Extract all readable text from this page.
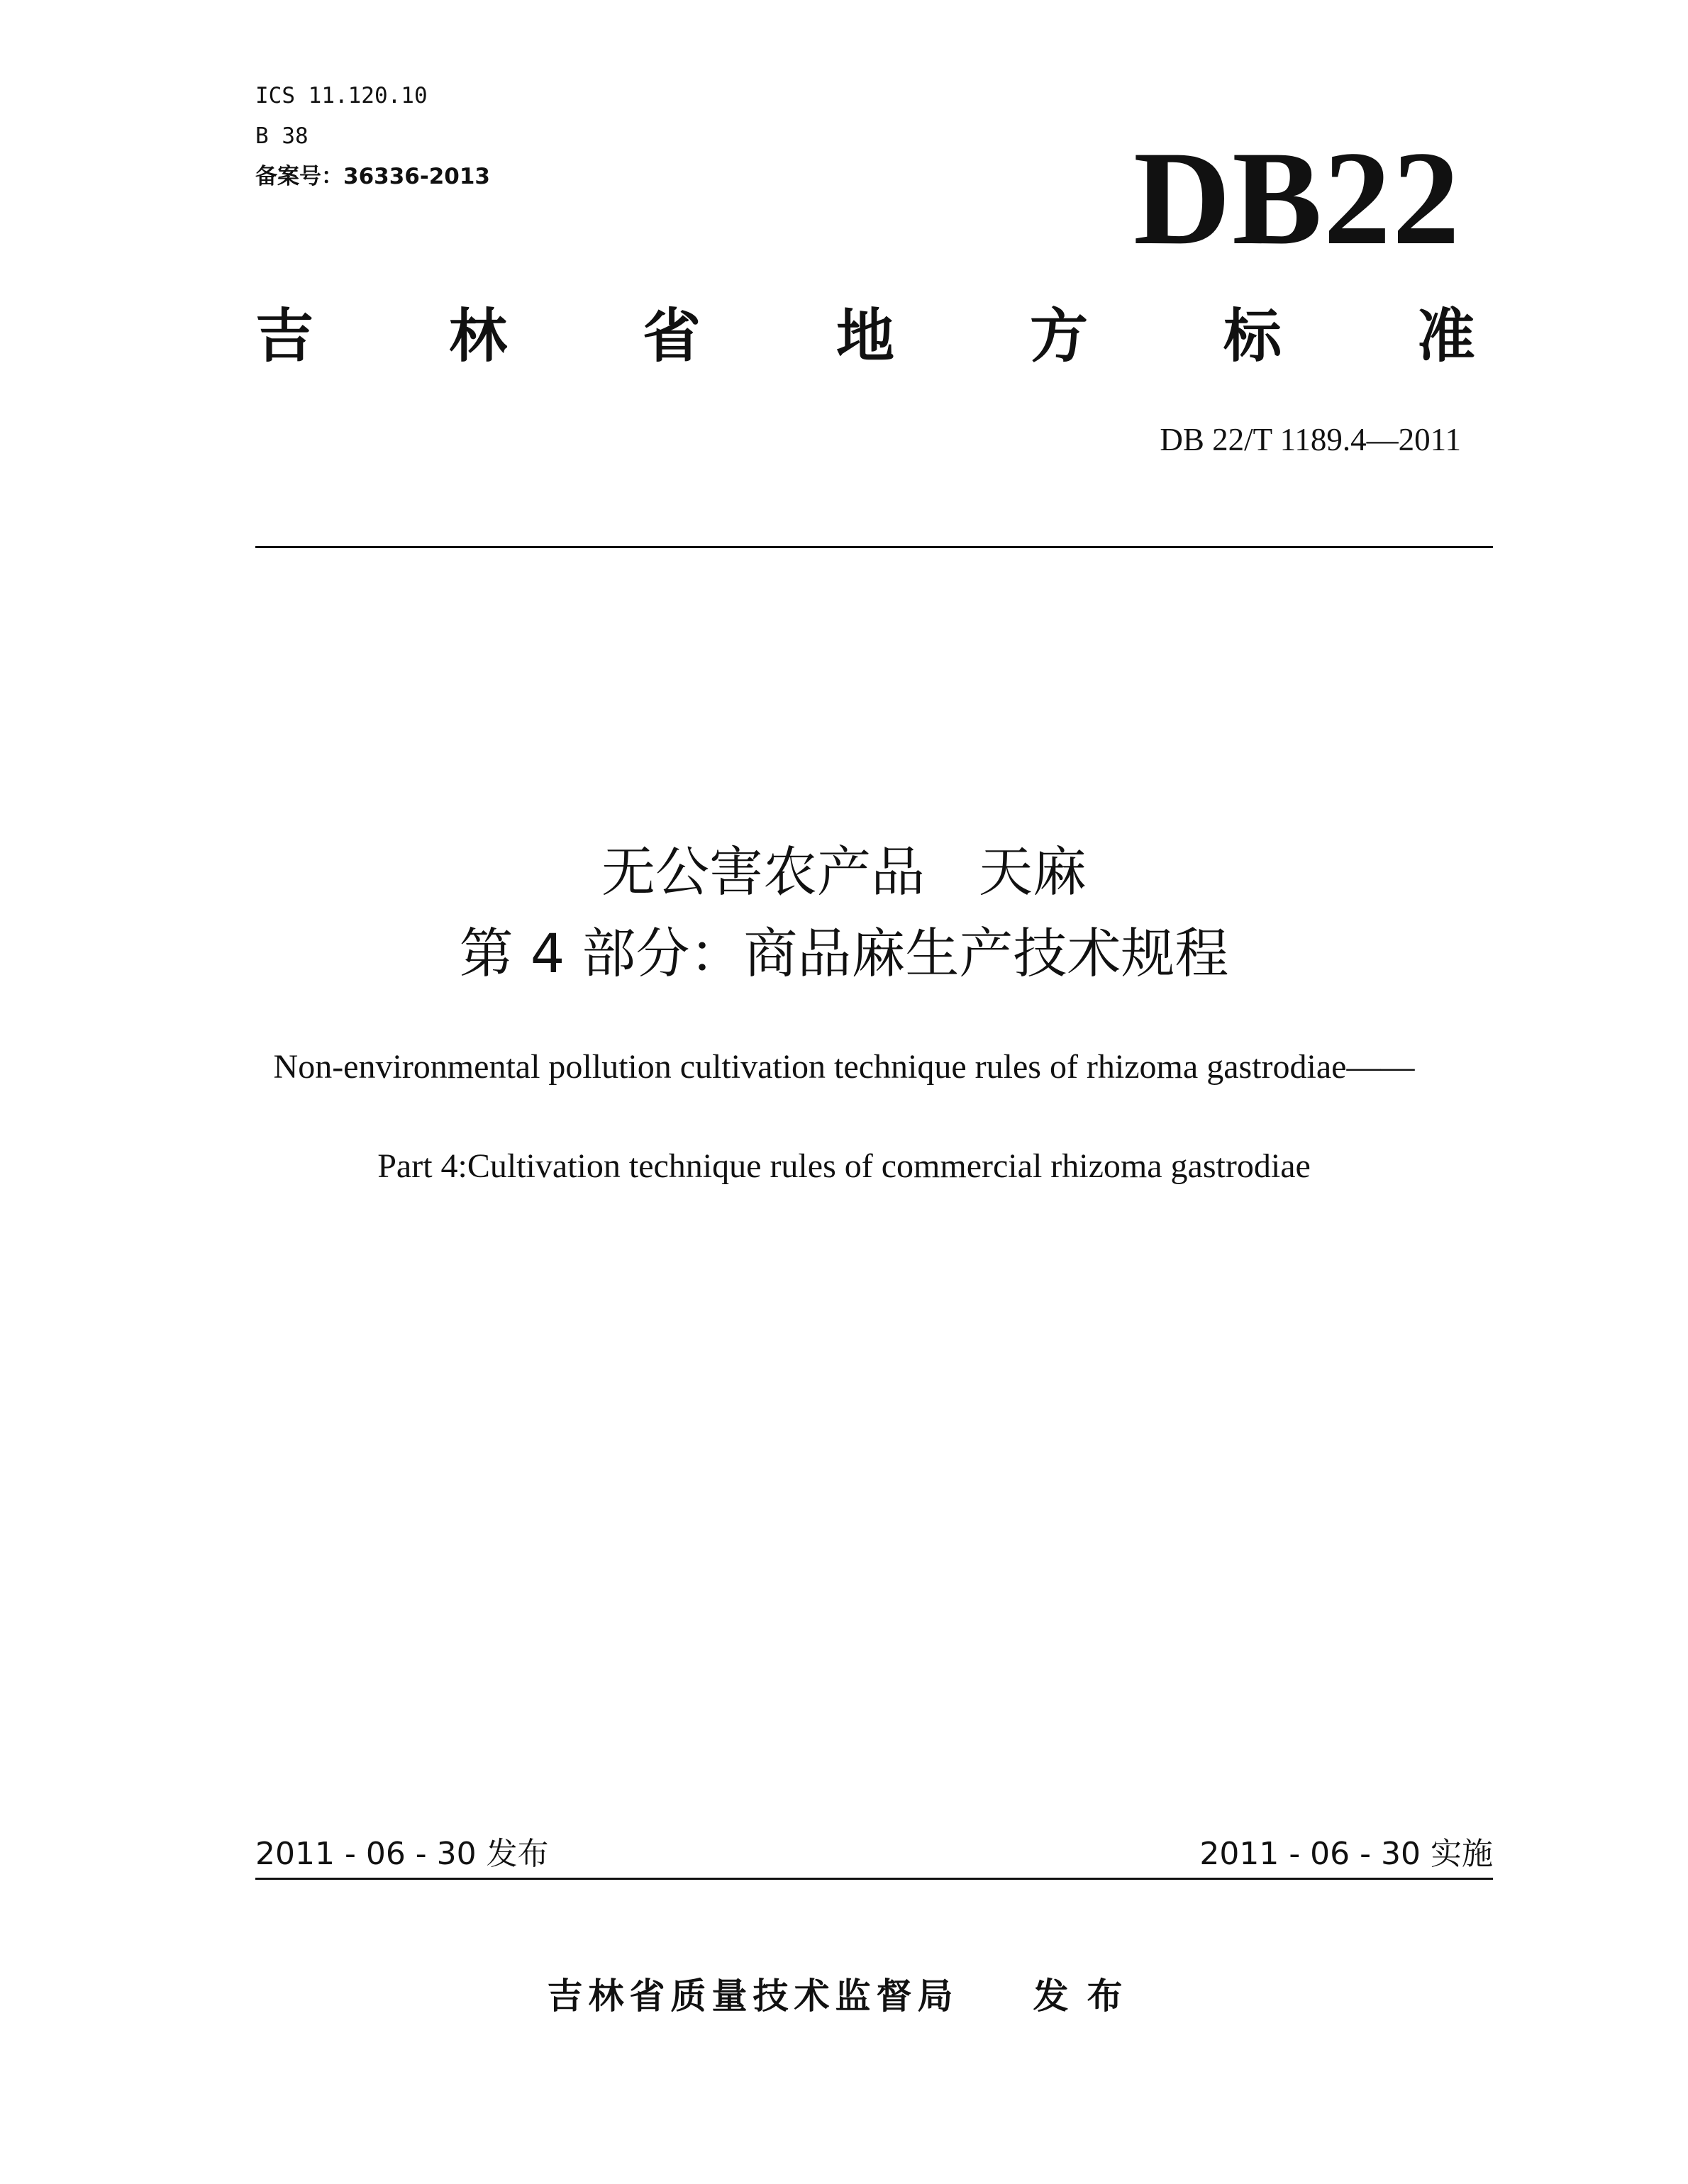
ICS 11.120.10
B 38
备案号：36336-2013	DB22
吉 林 省 地 方 标 准
DB 22/T 1189.4—2011
无公害农产品　天麻
第 4 部分：商品麻生产技术规程
Non-environmental pollution cultivation technique rules of rhizoma gastrodiae——
Part 4:Cultivation technique rules of commercial rhizoma gastrodiae
2011 - 06 - 30 发布	2011 - 06 - 30 实施
吉林省质量技术监督局 发布
